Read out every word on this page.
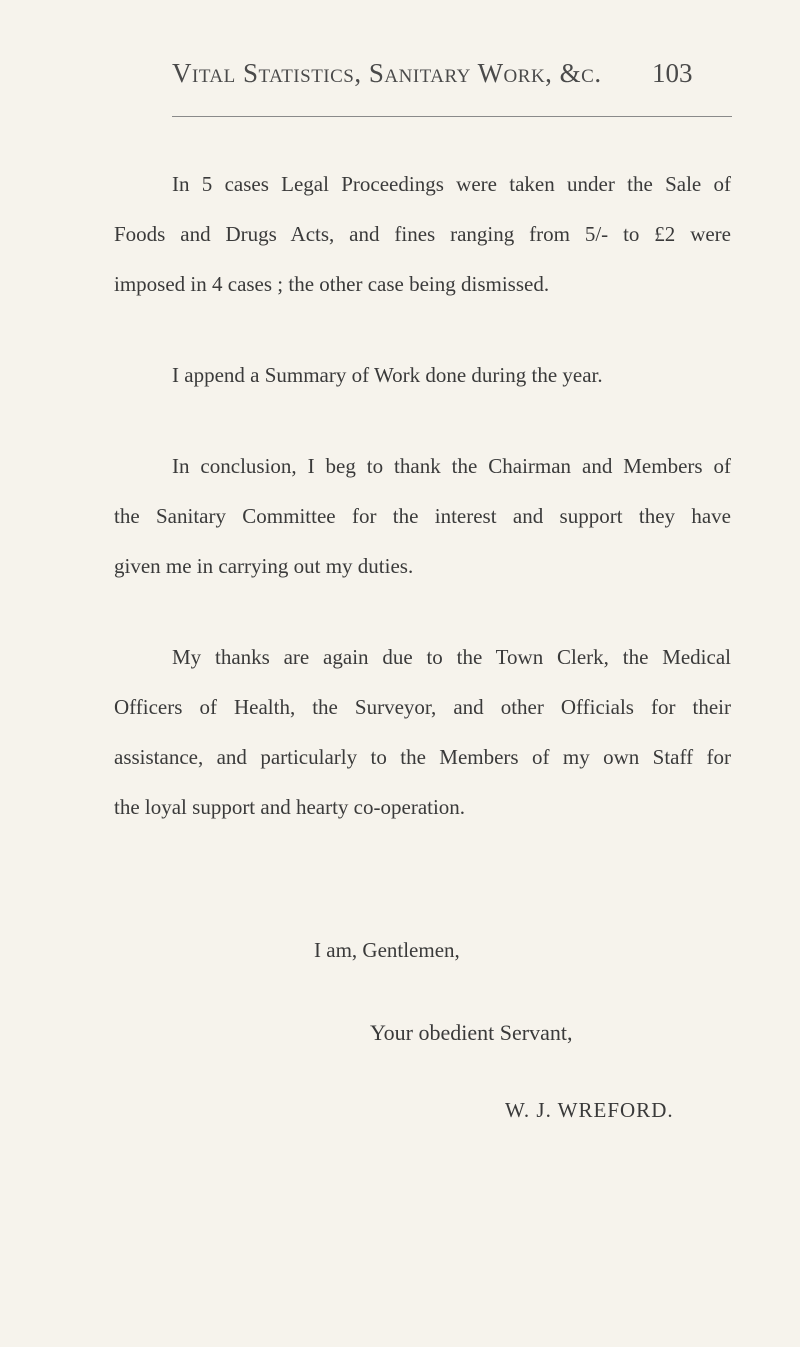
Vital Statistics, Sanitary Work, &c. 103
In 5 cases Legal Proceedings were taken under the Sale of
Foods and Drugs Acts, and fines ranging from 5/- to £2 were
imposed in 4 cases ; the other case being dismissed.
I append a Summary of Work done during the year.
In conclusion, I beg to thank the Chairman and Members of
the Sanitary Committee for the interest and support they have
given me in carrying out my duties.
My thanks are again due to the Town Clerk, the Medical
Officers of Health, the Surveyor, and other Officials for their
assistance, and particularly to the Members of my own Staff for
the loyal support and hearty co-operation.
I am, Gentlemen,
Your obedient Servant,
W. J. WREFORD.
